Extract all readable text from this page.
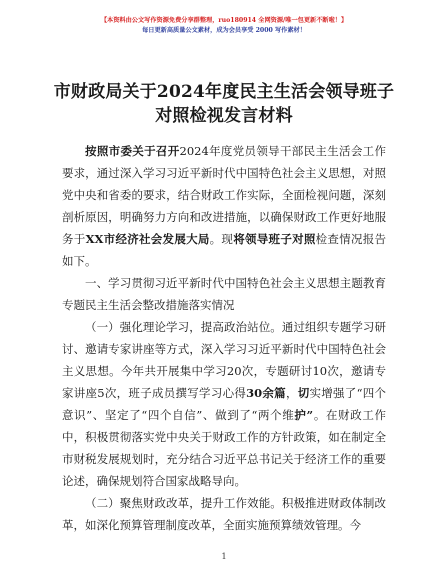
【本资料由公文写作资源免费分享群整理，ruo180914 全网资源/唯一包更新不断啦！】
每日更新高质量公文素材，成为会员享受 2000 写作素材！
市财政局关于2024年度民主生活会领导班子对照检视发言材料

按照市委关于召开2024年度党员领导干部民主生活会工作要求，通过深入学习习近平新时代中国特色社会主义思想，对照党中央和省委的要求，结合财政工作实际，全面检视问题，深刻剖析原因，明确努力方向和改进措施，以确保财政工作更好地服务于XX市经济社会发展大局。现将领导班子对照检查情况报告如下。

一、学习贯彻习近平新时代中国特色社会主义思想主题教育专题民主生活会整改措施落实情况

（一）强化理论学习，提高政治站位。通过组织专题学习研讨、邀请专家讲座等方式，深入学习习近平新时代中国特色社会主义思想。今年共开展集中学习20次，专题研讨10次，邀请专家讲座5次，班子成员撰写学习心得30余篇，切实增强了“四个意识”、坚定了“四个自信”、做到了“两个维护”。在财政工作中，积极贯彻落实党中央关于财政工作的方针政策，如在制定全市财税发展规划时，充分结合习近平总书记关于经济工作的重要论述，确保规划符合国家战略导向。

（二）聚焦财政改革，提升工作效能。积极推进财政体制改革，如深化预算管理制度改革，全面实施预算绩效管理。今

1
